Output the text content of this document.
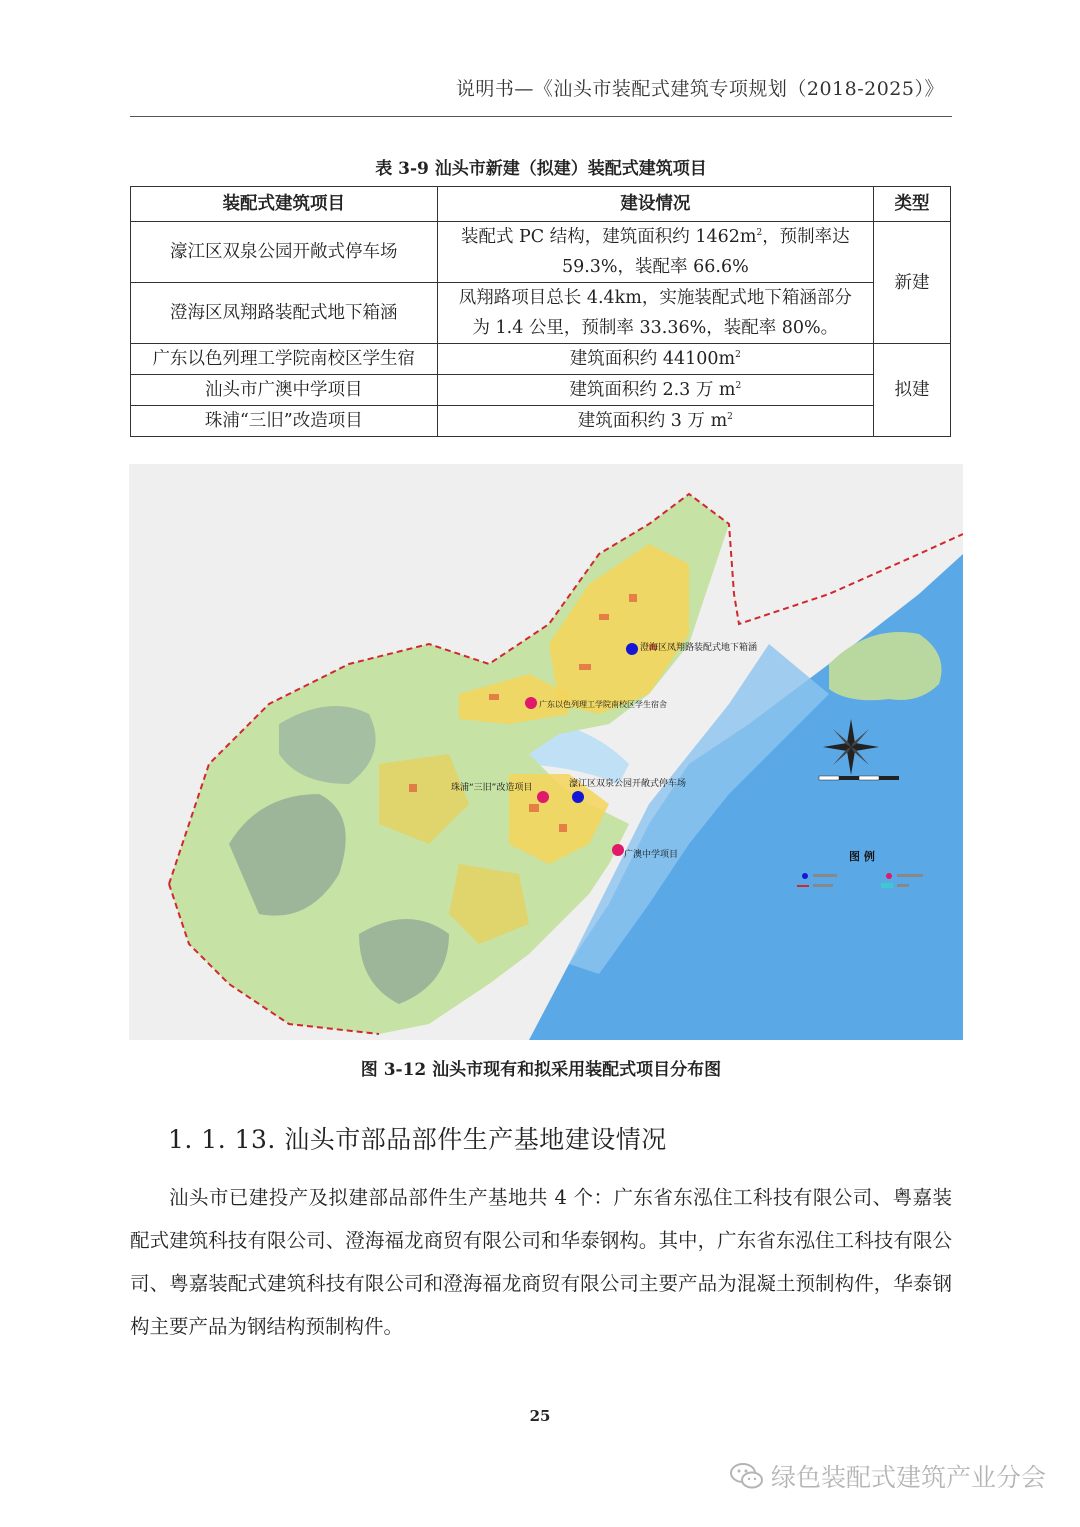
说明书—《汕头市装配式建筑专项规划（2018-2025）》
表 3-9 汕头市新建（拟建）装配式建筑项目
装配式建筑项目	建设情况	类型
濠江区双泉公园开敞式停车场	装配式 PC 结构，建筑面积约 $1462m^2$，预制率达
59.3%，装配率 66.6%	新建
澄海区凤翔路装配式地下箱涵	凤翔路项目总长 4.4km，实施装配式地下箱涵部分
为 1.4 公里，预制率 33.36%，装配率 80%。	
广东以色列理工学院南校区学生宿	建筑面积约 $44100m^2$	拟建
汕头市广澳中学项目	建筑面积约 2.3 万 $m^2$
珠浦“三旧”改造项目	建筑面积约 3 万 $m^2$
澄海区凤翔路装配式地下箱涵
广东以色列理工学院南校区学生宿舍
珠浦“三旧”改造项目	濠江区双泉公园开敞式停车场
广澳中学项目	图 例
图 3-12 汕头市现有和拟采用装配式项目分布图
1. 1. 13. 汕头市部品部件生产基地建设情况
汕头市已建投产及拟建部品部件生产基地共 4 个：广东省东泓住工科技有限公司、粤嘉装配式建筑科技有限公司、澄海福龙商贸有限公司和华泰钢构。其中，广东省东泓住工科技有限公司、粤嘉装配式建筑科技有限公司和澄海福龙商贸有限公司主要产品为混凝土预制构件，华泰钢构主要产品为钢结构预制构件。
25
绿色装配式建筑产业分会
